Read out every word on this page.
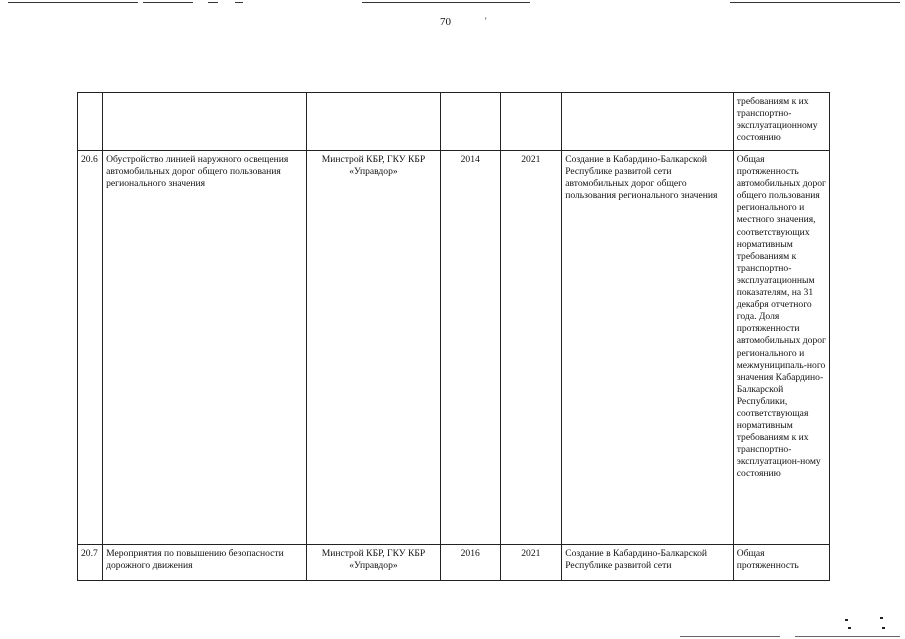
70	'
						требованиям к их транспортно-эксплуатационному состоянию
20.6	Обустройство линией наружного освещения автомобильных дорог общего пользования регионального значения	Минстрой КБР, ГКУ КБР «Управдор»	2014	2021	Создание в Кабардино-Балкарской Республике развитой сети автомобильных дорог общего пользования регионального значения	Общая протяженность автомобильных дорог общего пользования регионального и местного значения, соответствующих нормативным требованиям к транспортно-эксплуатационным показателям, на 31 декабря отчетного года. Доля протяженности автомобильных дорог регионального и межмуниципаль-ного значения Кабардино-Балкарской Республики, соответствующая нормативным требованиям к их транспортно-эксплуатацион-ному состоянию
20.7	Мероприятия по повышению безопасности дорожного движения	Минстрой КБР, ГКУ КБР «Управдор»	2016	2021	Создание в Кабардино-Балкарской Республике развитой сети	Общая протяженность
